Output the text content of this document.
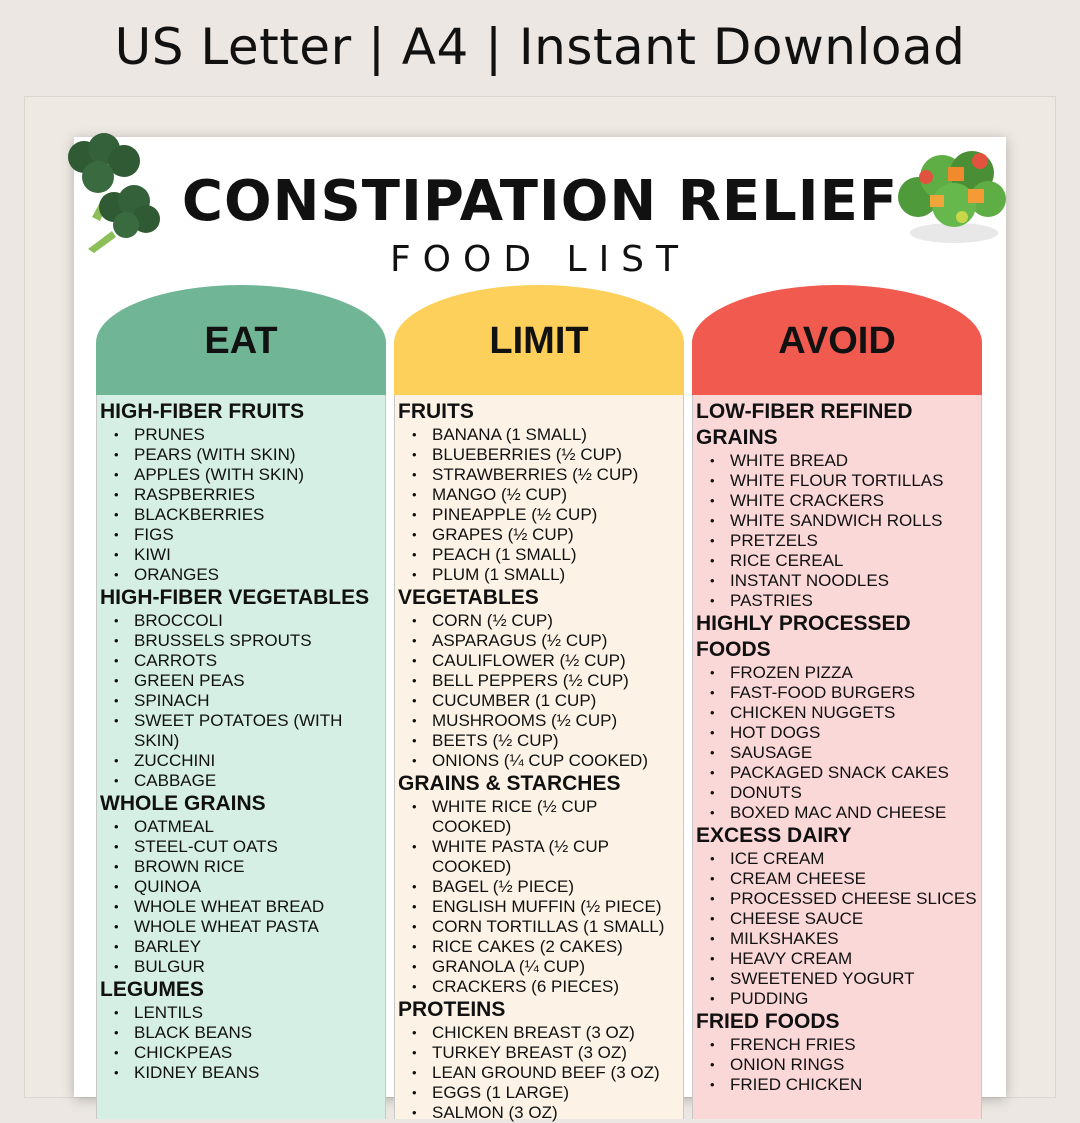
US Letter | A4 | Instant Download
CONSTIPATION RELIEF
FOOD LIST
EAT
HIGH-FIBER FRUITS
• PRUNES
• PEARS (WITH SKIN)
• APPLES (WITH SKIN)
• RASPBERRIES
• BLACKBERRIES
• FIGS
• KIWI
• ORANGES
HIGH-FIBER VEGETABLES
• BROCCOLI
• BRUSSELS SPROUTS
• CARROTS
• GREEN PEAS
• SPINACH
• SWEET POTATOES (WITH SKIN)
• ZUCCHINI
• CABBAGE
WHOLE GRAINS
• OATMEAL
• STEEL-CUT OATS
• BROWN RICE
• QUINOA
• WHOLE WHEAT BREAD
• WHOLE WHEAT PASTA
• BARLEY
• BULGUR
LEGUMES
• LENTILS
• BLACK BEANS
• CHICKPEAS
• KIDNEY BEANS
LIMIT
FRUITS
• BANANA (1 SMALL)
• BLUEBERRIES (½ CUP)
• STRAWBERRIES (½ CUP)
• MANGO (½ CUP)
• PINEAPPLE (½ CUP)
• GRAPES (½ CUP)
• PEACH (1 SMALL)
• PLUM (1 SMALL)
VEGETABLES
• CORN (½ CUP)
• ASPARAGUS (½ CUP)
• CAULIFLOWER (½ CUP)
• BELL PEPPERS (½ CUP)
• CUCUMBER (1 CUP)
• MUSHROOMS (½ CUP)
• BEETS (½ CUP)
• ONIONS (¼ CUP COOKED)
GRAINS & STARCHES
• WHITE RICE (½ CUP COOKED)
• WHITE PASTA (½ CUP COOKED)
• BAGEL (½ PIECE)
• ENGLISH MUFFIN (½ PIECE)
• CORN TORTILLAS (1 SMALL)
• RICE CAKES (2 CAKES)
• GRANOLA (¼ CUP)
• CRACKERS (6 PIECES)
PROTEINS
• CHICKEN BREAST (3 OZ)
• TURKEY BREAST (3 OZ)
• LEAN GROUND BEEF (3 OZ)
• EGGS (1 LARGE)
• SALMON (3 OZ)
AVOID
LOW-FIBER REFINED GRAINS
• WHITE BREAD
• WHITE FLOUR TORTILLAS
• WHITE CRACKERS
• WHITE SANDWICH ROLLS
• PRETZELS
• RICE CEREAL
• INSTANT NOODLES
• PASTRIES
HIGHLY PROCESSED FOODS
• FROZEN PIZZA
• FAST-FOOD BURGERS
• CHICKEN NUGGETS
• HOT DOGS
• SAUSAGE
• PACKAGED SNACK CAKES
• DONUTS
• BOXED MAC AND CHEESE
EXCESS DAIRY
• ICE CREAM
• CREAM CHEESE
• PROCESSED CHEESE SLICES
• CHEESE SAUCE
• MILKSHAKES
• HEAVY CREAM
• SWEETENED YOGURT
• PUDDING
FRIED FOODS
• FRENCH FRIES
• ONION RINGS
• FRIED CHICKEN
